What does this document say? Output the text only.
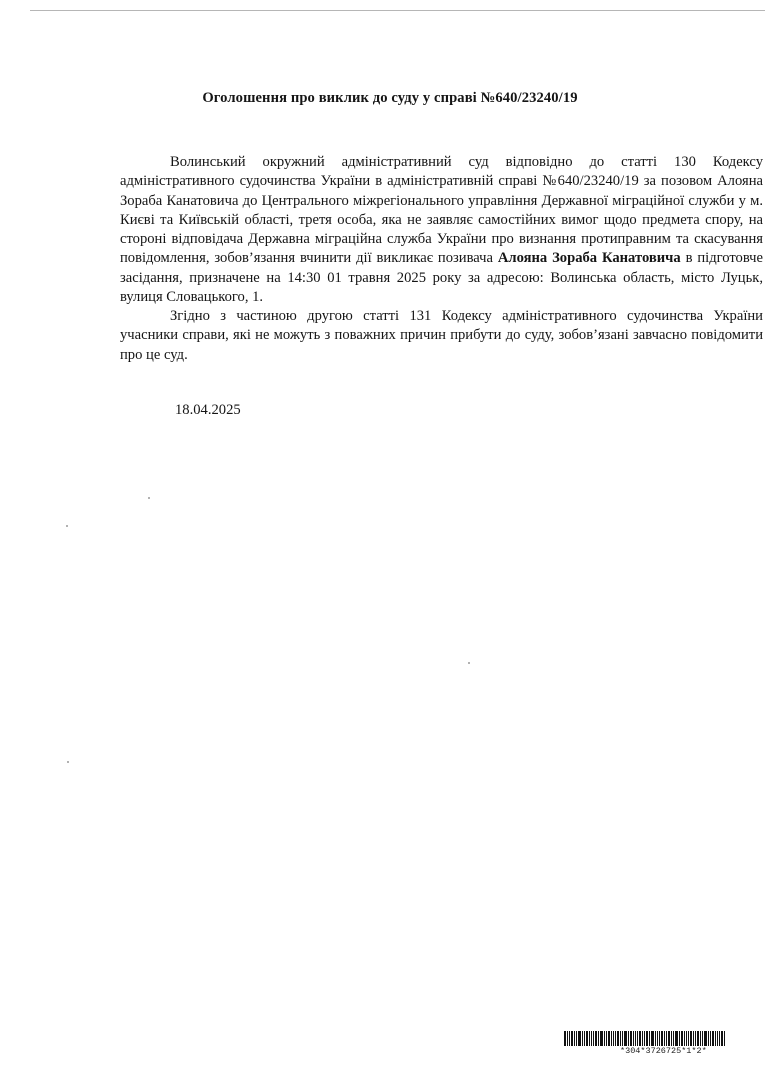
Оголошення про виклик до суду у справі №640/23240/19
Волинський окружний адміністративний суд відповідно до статті 130 Кодексу адміністративного судочинства України в адміністративній справі №640/23240/19 за позовом Алояна Зораба Канатовича до Центрального міжрегіонального управління Державної міграційної служби у м. Києві та Київській області, третя особа, яка не заявляє самостійних вимог щодо предмета спору, на стороні відповідача Державна міграційна служба України про визнання протиправним та скасування повідомлення, зобов’язання вчинити дії викликає позивача Алояна Зораба Канатовича в підготовче засідання, призначене на 14:30 01 травня 2025 року за адресою: Волинська область, місто Луцьк, вулиця Словацького, 1.
Згідно з частиною другою статті 131 Кодексу адміністративного судочинства України учасники справи, які не можуть з поважних причин прибути до суду, зобов’язані завчасно повідомити про це суд.
18.04.2025
*304*3726725*1*2*
